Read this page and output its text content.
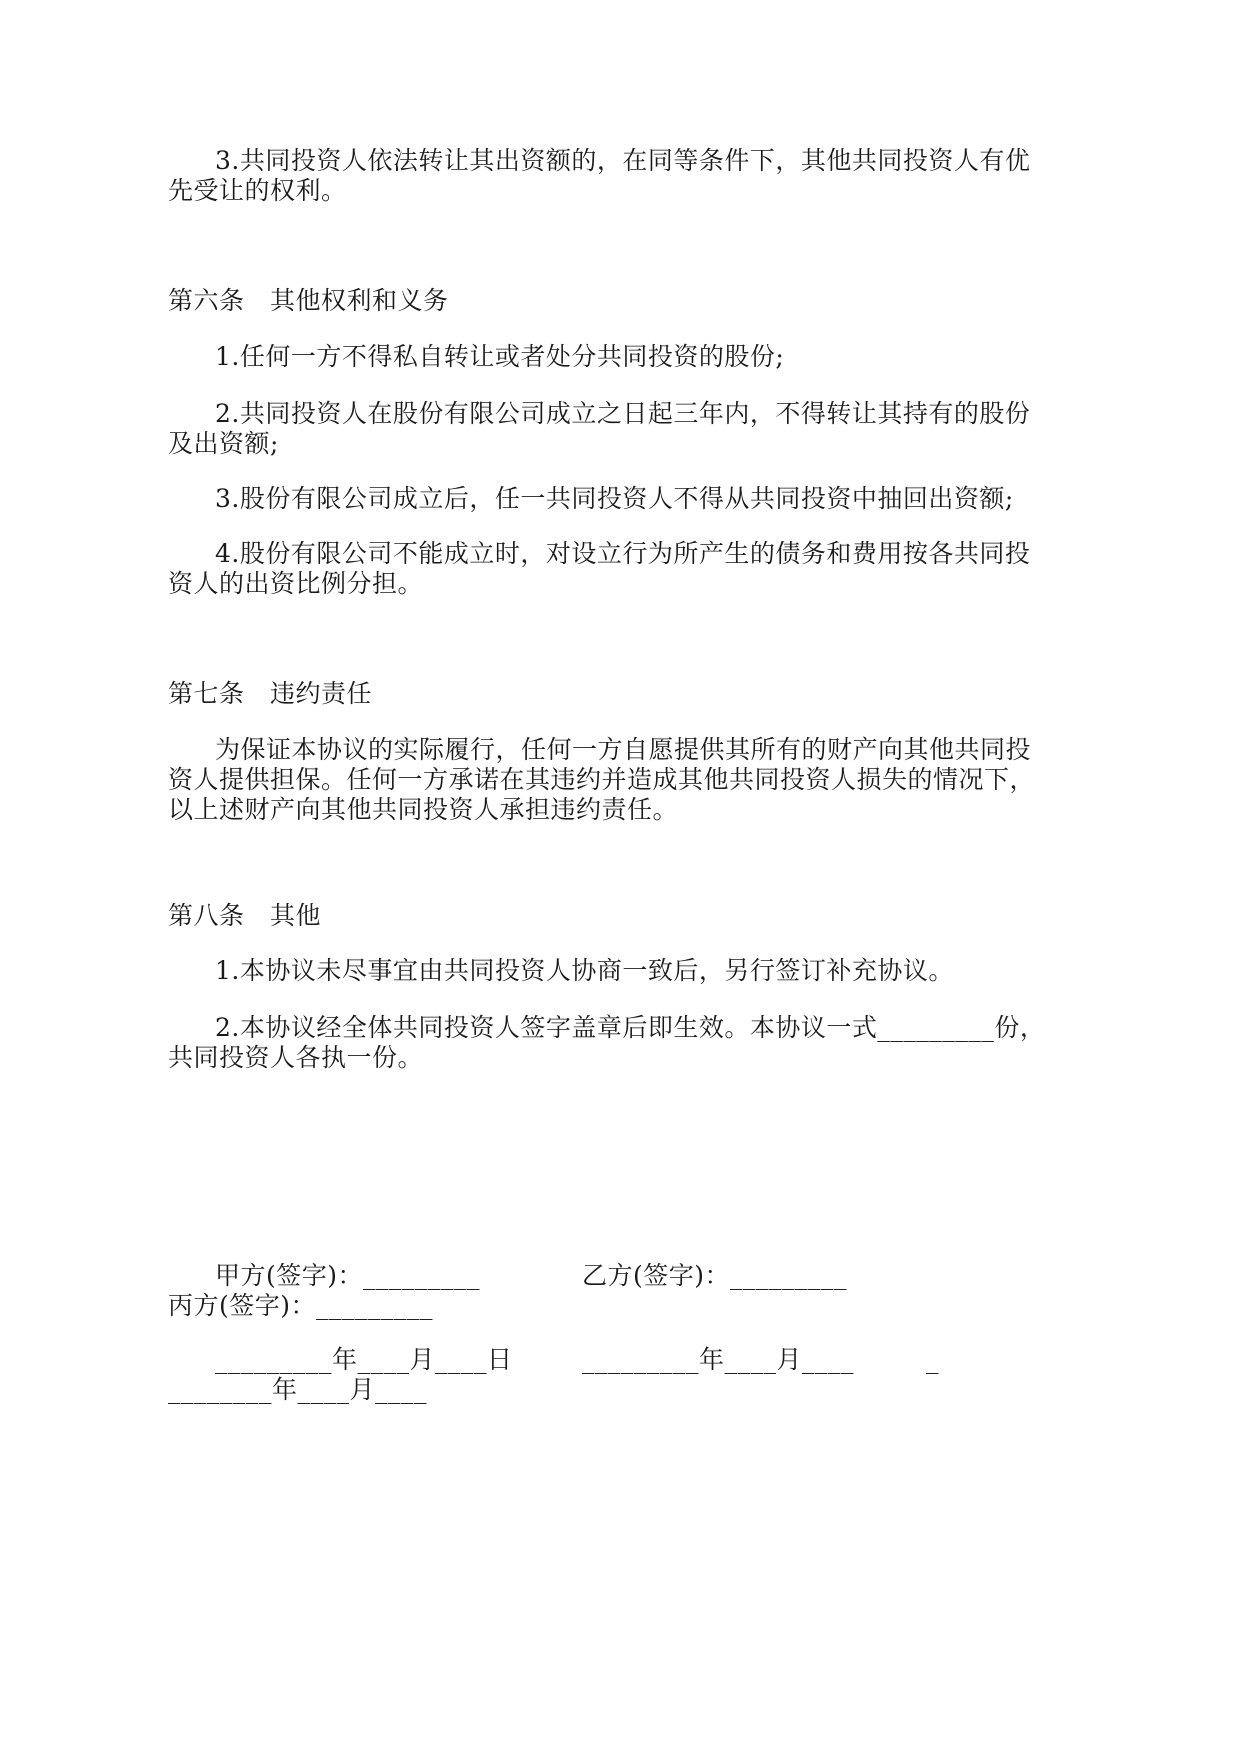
3.共同投资人依法转让其出资额的，在同等条件下，其他共同投资人有优
先受让的权利。
第六条　其他权利和义务
1.任何一方不得私自转让或者处分共同投资的股份;
2.共同投资人在股份有限公司成立之日起三年内，不得转让其持有的股份
及出资额;
3.股份有限公司成立后，任一共同投资人不得从共同投资中抽回出资额;
4.股份有限公司不能成立时，对设立行为所产生的债务和费用按各共同投
资人的出资比例分担。
第七条　违约责任
为保证本协议的实际履行，任何一方自愿提供其所有的财产向其他共同投
资人提供担保。任何一方承诺在其违约并造成其他共同投资人损失的情况下，
以上述财产向其他共同投资人承担违约责任。
第八条　其他
1.本协议未尽事宜由共同投资人协商一致后，另行签订补充协议。
2.本协议经全体共同投资人签字盖章后即生效。本协议一式_________份，
共同投资人各执一份。
甲方(签字)：_________	乙方(签字)：_________
丙方(签字)：_________
_________年____月____日	_________年____月____	_
________年____月____
